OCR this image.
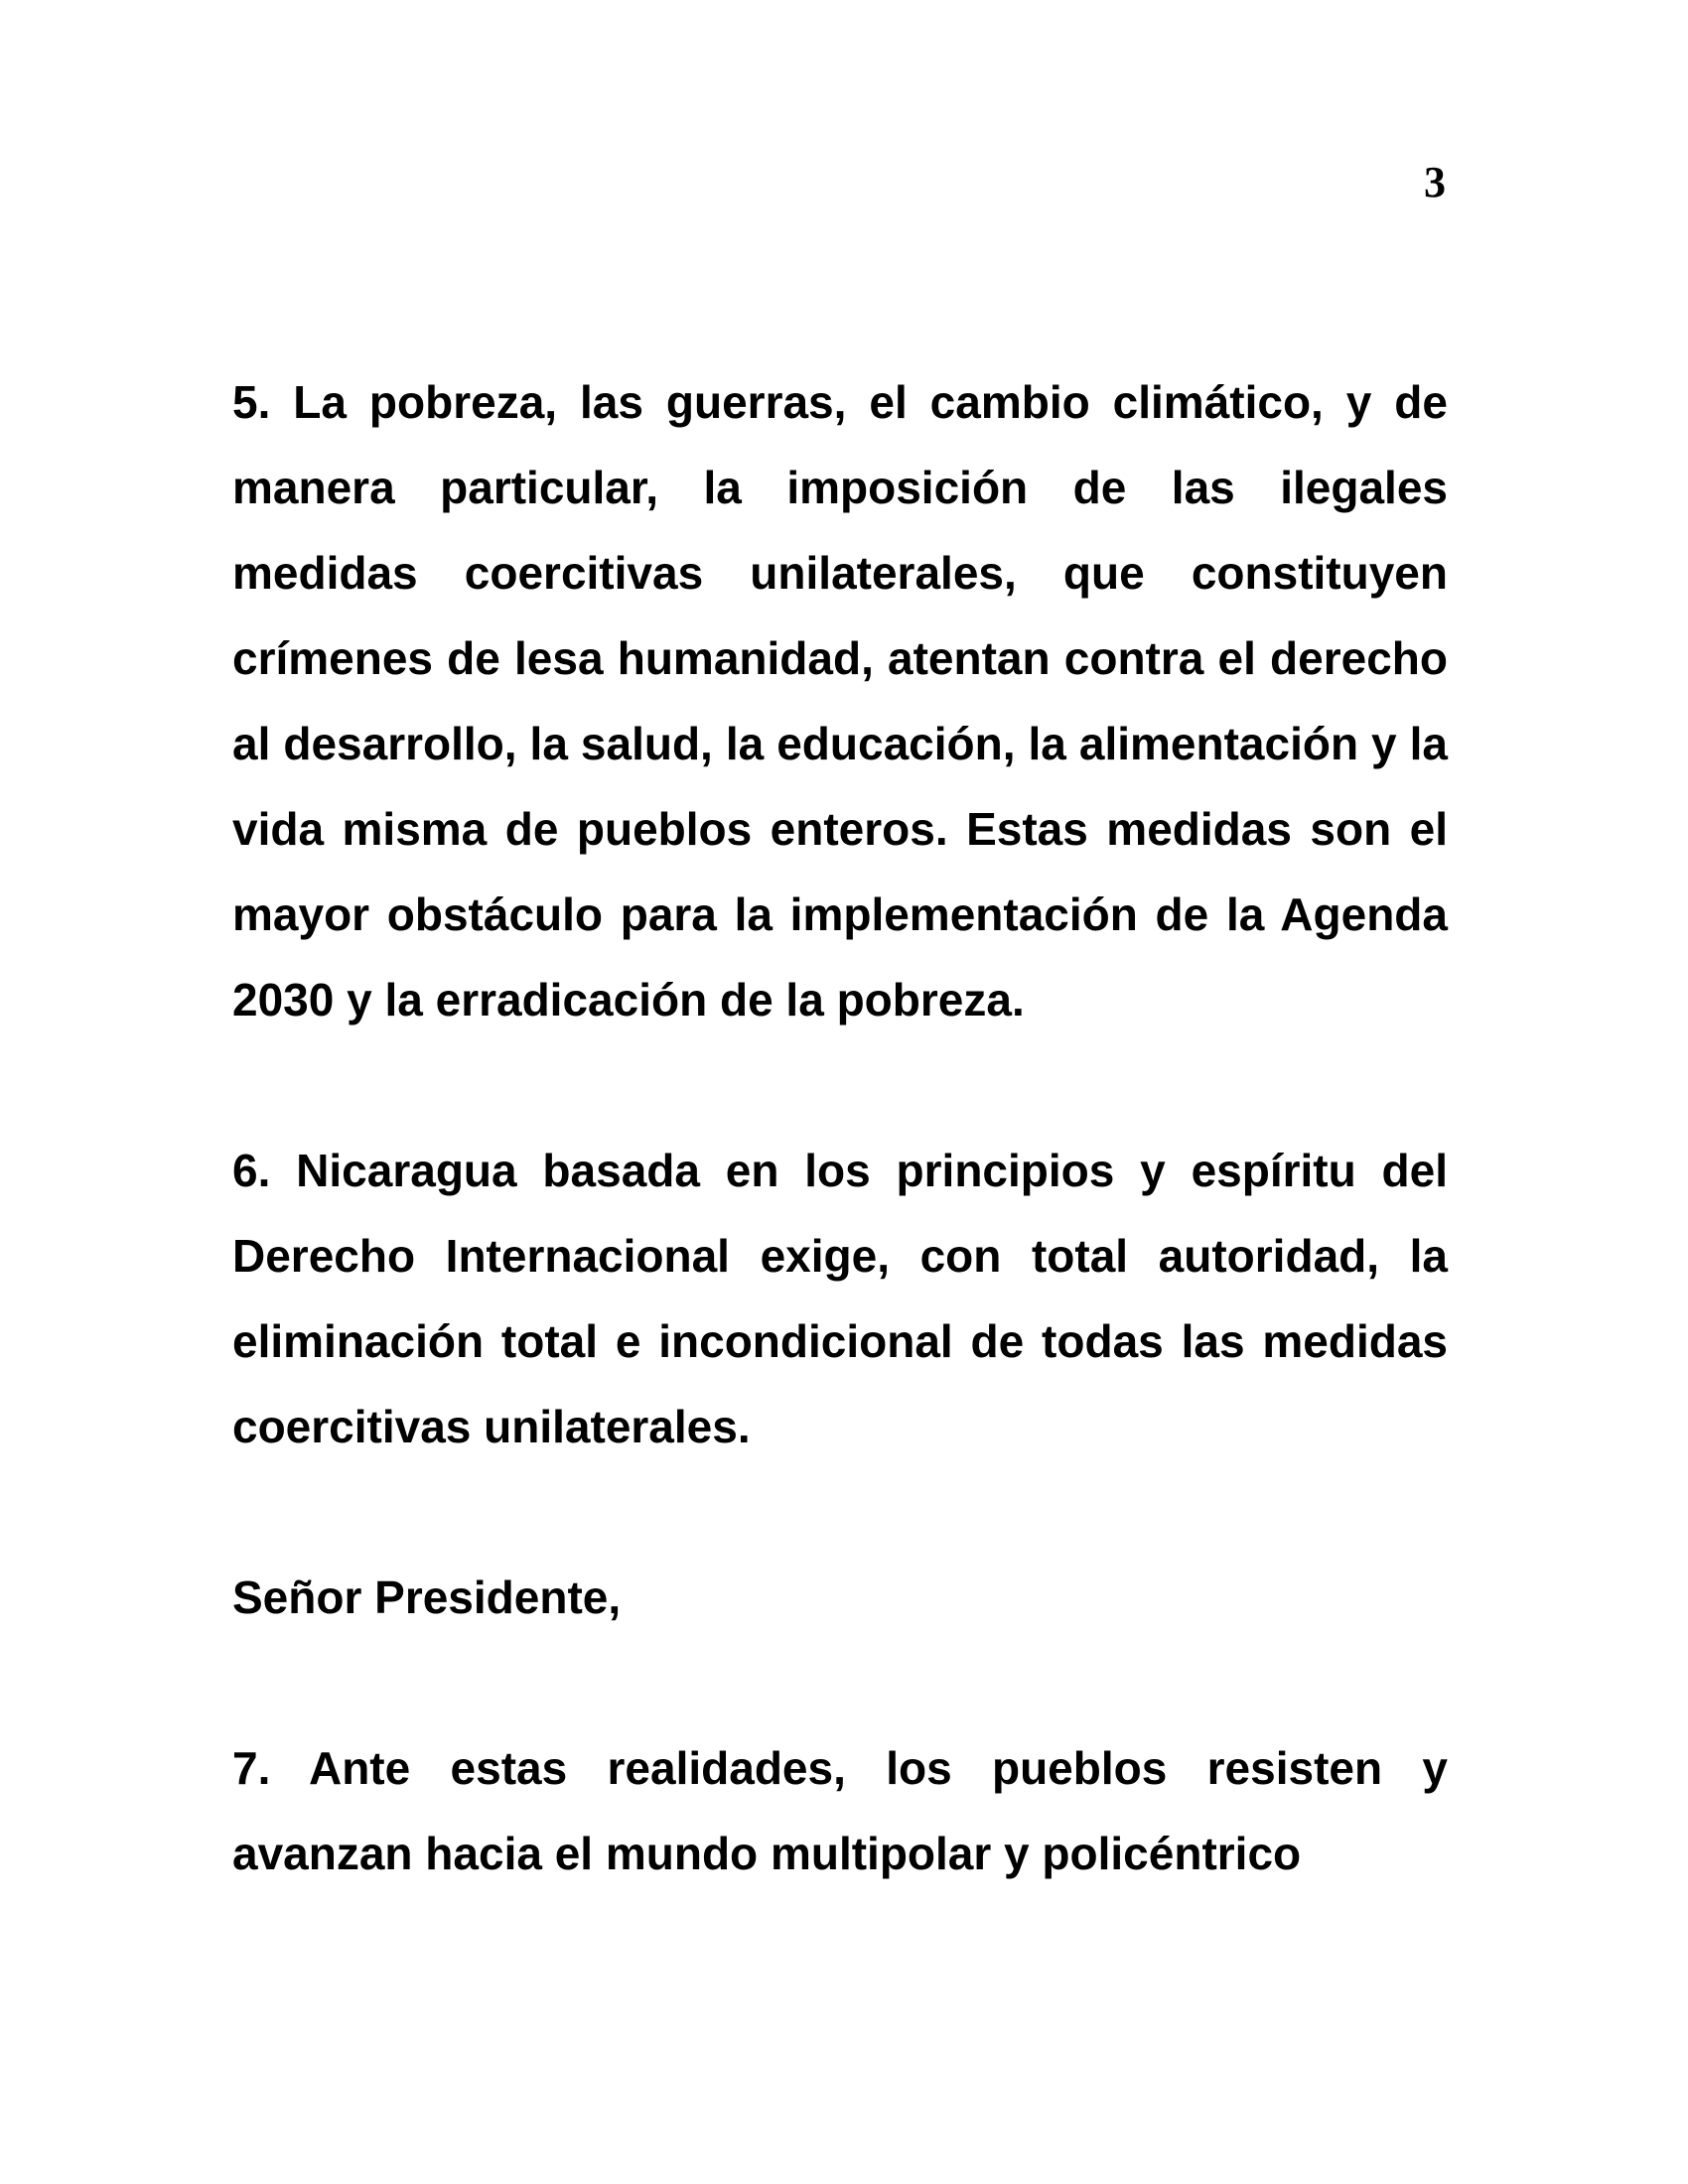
3

5. La pobreza, las guerras, el cambio climático, y de manera particular, la imposición de las ilegales medidas coercitivas unilaterales, que constituyen crímenes de lesa humanidad, atentan contra el derecho al desarrollo, la salud, la educación, la alimentación y la vida misma de pueblos enteros. Estas medidas son el mayor obstáculo para la implementación de la Agenda 2030 y la erradicación de la pobreza.

6. Nicaragua basada en los principios y espíritu del Derecho Internacional exige, con total autoridad, la eliminación total e incondicional de todas las medidas coercitivas unilaterales.

Señor Presidente,

7. Ante estas realidades, los pueblos resisten y avanzan hacia el mundo multipolar y policéntrico
